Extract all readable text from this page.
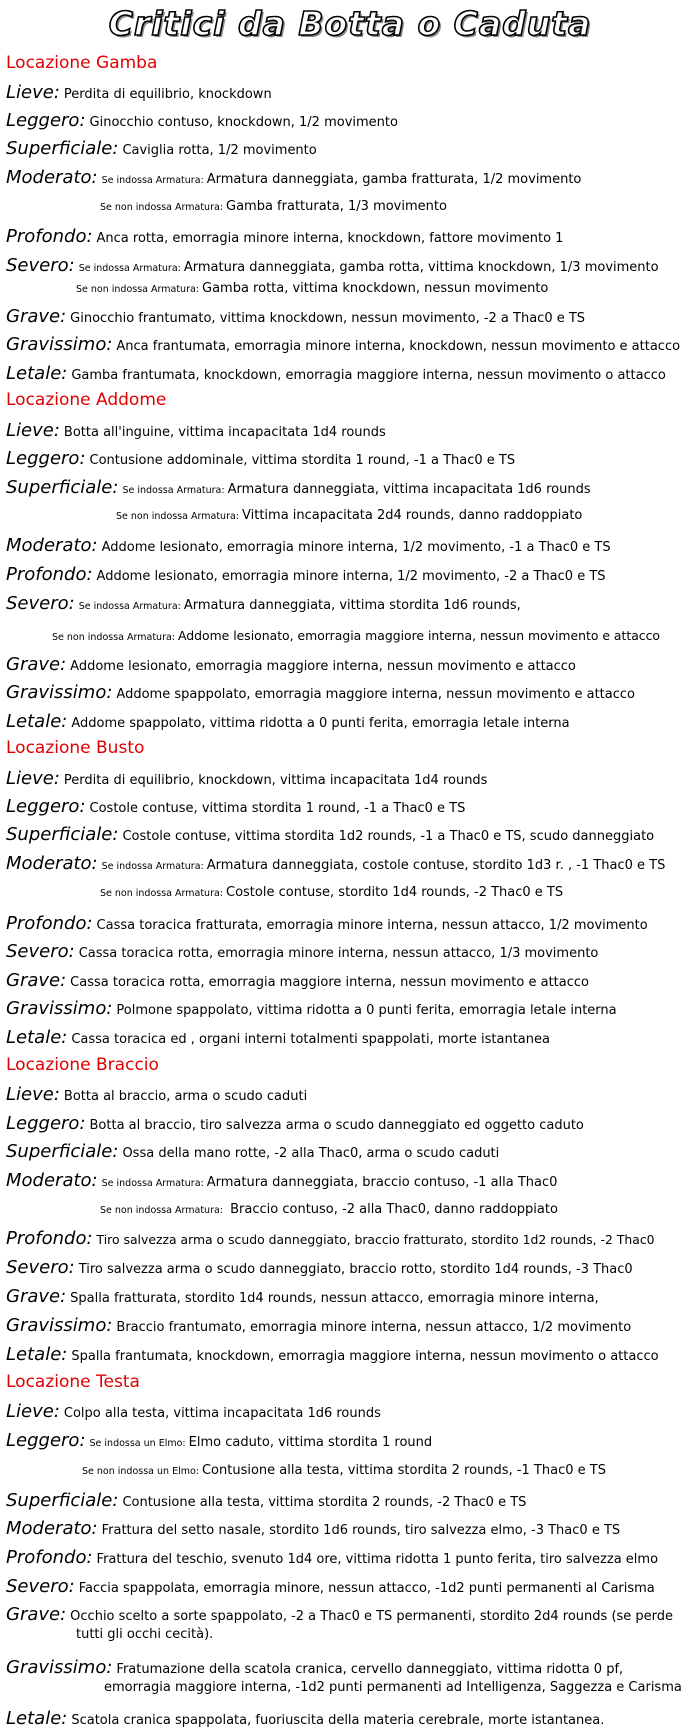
Critici da Botta o Caduta
Locazione Gamba
Lieve: Perdita di equilibrio, knockdown
Leggero: Ginocchio contuso, knockdown, 1/2 movimento
Superficiale: Caviglia rotta, 1/2 movimento
Moderato: Se indossa Armatura: Armatura danneggiata, gamba fratturata, 1/2 movimento
Se non indossa Armatura: Gamba fratturata, 1/3 movimento
Profondo: Anca rotta, emorragia minore interna, knockdown, fattore movimento 1
Severo: Se indossa Armatura: Armatura danneggiata, gamba rotta, vittima knockdown, 1/3 movimento
Se non indossa Armatura: Gamba rotta, vittima knockdown, nessun movimento
Grave: Ginocchio frantumato, vittima knockdown, nessun movimento, -2 a Thac0 e TS
Gravissimo: Anca frantumata, emorragia minore interna, knockdown, nessun movimento e attacco
Letale: Gamba frantumata, knockdown, emorragia maggiore interna, nessun movimento o attacco
Locazione Addome
Lieve: Botta all'inguine, vittima incapacitata 1d4 rounds
Leggero: Contusione addominale, vittima stordita 1 round, -1 a Thac0 e TS
Superficiale: Se indossa Armatura: Armatura danneggiata, vittima incapacitata 1d6 rounds
Se non indossa Armatura: Vittima incapacitata 2d4 rounds, danno raddoppiato
Moderato: Addome lesionato, emorragia minore interna, 1/2 movimento, -1 a Thac0 e TS
Profondo: Addome lesionato, emorragia minore interna, 1/2 movimento, -2 a Thac0 e TS
Severo: Se indossa Armatura: Armatura danneggiata, vittima stordita 1d6 rounds,
Se non indossa Armatura: Addome lesionato, emorragia maggiore interna, nessun movimento e attacco
Grave: Addome lesionato, emorragia maggiore interna, nessun movimento e attacco
Gravissimo: Addome spappolato, emorragia maggiore interna, nessun movimento e attacco
Letale: Addome spappolato, vittima ridotta a 0 punti ferita, emorragia letale interna
Locazione Busto
Lieve: Perdita di equilibrio, knockdown, vittima incapacitata 1d4 rounds
Leggero: Costole contuse, vittima stordita 1 round, -1 a Thac0 e TS
Superficiale: Costole contuse, vittima stordita 1d2 rounds, -1 a Thac0 e TS, scudo danneggiato
Moderato: Se indossa Armatura: Armatura danneggiata, costole contuse, stordito 1d3 r. , -1 Thac0 e TS
Se non indossa Armatura: Costole contuse, stordito 1d4 rounds, -2 Thac0 e TS
Profondo: Cassa toracica fratturata, emorragia minore interna, nessun attacco, 1/2 movimento
Severo: Cassa toracica rotta, emorragia minore interna, nessun attacco, 1/3 movimento
Grave: Cassa toracica rotta, emorragia maggiore interna, nessun movimento e attacco
Gravissimo: Polmone spappolato, vittima ridotta a 0 punti ferita, emorragia letale interna
Letale: Cassa toracica ed , organi interni totalmenti spappolati, morte istantanea
Locazione Braccio
Lieve: Botta al braccio, arma o scudo caduti
Leggero: Botta al braccio, tiro salvezza arma o scudo danneggiato ed oggetto caduto
Superficiale: Ossa della mano rotte, -2 alla Thac0, arma o scudo caduti
Moderato: Se indossa Armatura: Armatura danneggiata, braccio contuso, -1 alla Thac0
Se non indossa Armatura: Braccio contuso, -2 alla Thac0, danno raddoppiato
Profondo: Tiro salvezza arma o scudo danneggiato, braccio fratturato, stordito 1d2 rounds, -2 Thac0
Severo: Tiro salvezza arma o scudo danneggiato, braccio rotto, stordito 1d4 rounds, -3 Thac0
Grave: Spalla fratturata, stordito 1d4 rounds, nessun attacco, emorragia minore interna,
Gravissimo: Braccio frantumato, emorragia minore interna, nessun attacco, 1/2 movimento
Letale: Spalla frantumata, knockdown, emorragia maggiore interna, nessun movimento o attacco
Locazione Testa
Lieve: Colpo alla testa, vittima incapacitata 1d6 rounds
Leggero: Se indossa un Elmo: Elmo caduto, vittima stordita 1 round
Se non indossa un Elmo: Contusione alla testa, vittima stordita 2 rounds, -1 Thac0 e TS
Superficiale: Contusione alla testa, vittima stordita 2 rounds, -2 Thac0 e TS
Moderato: Frattura del setto nasale, stordito 1d6 rounds, tiro salvezza elmo, -3 Thac0 e TS
Profondo: Frattura del teschio, svenuto 1d4 ore, vittima ridotta 1 punto ferita, tiro salvezza elmo
Severo: Faccia spappolata, emorragia minore, nessun attacco, -1d2 punti permanenti al Carisma
Grave: Occhio scelto a sorte spappolato, -2 a Thac0 e TS permanenti, stordito 2d4 rounds (se perde
tutti gli occhi cecità).
Gravissimo: Fratumazione della scatola cranica, cervello danneggiato, vittima ridotta 0 pf,
emorragia maggiore interna, -1d2 punti permanenti ad Intelligenza, Saggezza e Carisma
Letale: Scatola cranica spappolata, fuoriuscita della materia cerebrale, morte istantanea.
